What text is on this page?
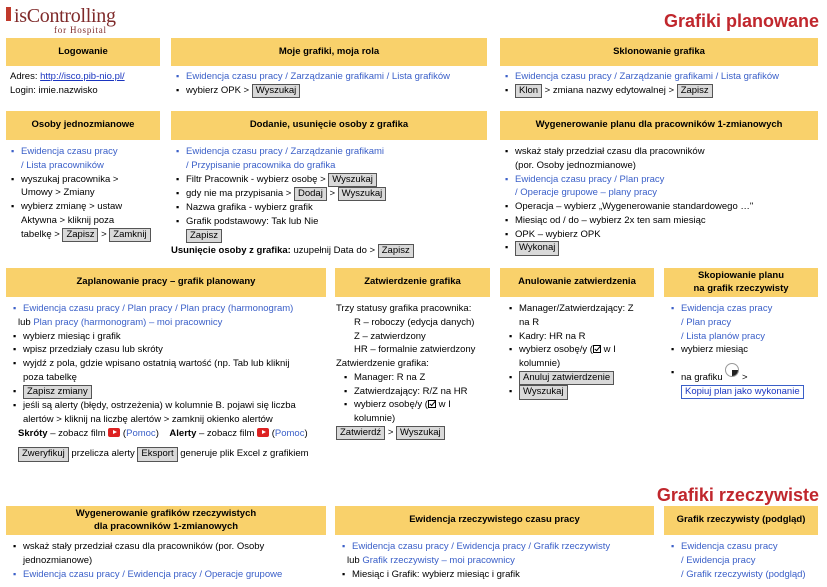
isControlling
for Hospital	Grafiki planowane
Logowanie
Adres: http://isco.pib-nio.pl/
Login: imie.nazwisko
Moje grafiki, moja rola
▪ Ewidencja czasu pracy / Zarządzanie grafikami / Lista grafików
▪ wybierz OPK > Wyszukaj
Sklonowanie grafika
▪ Ewidencja czasu pracy / Zarządzanie grafikami / Lista grafików
▪ Klon > zmiana nazwy edytowalnej > Zapisz
Osoby jednozmianowe
▪ Ewidencja czasu pracy
/ Lista pracowników
▪ wyszukaj pracownika >
Umowy > Zmiany
▪ wybierz zmianę > ustaw
Aktywna > kliknij poza
tabelkę > Zapisz > Zamknij
Dodanie, usunięcie osoby z grafika
▪ Ewidencja czasu pracy / Zarządzanie grafikami
/ Przypisanie pracownika do grafika
▪ Filtr Pracownik - wybierz osobę > Wyszukaj
▪ gdy nie ma przypisania > Dodaj > Wyszukaj
▪ Nazwa grafika - wybierz grafik
▪ Grafik podstawowy: Tak lub Nie
Zapisz
Usunięcie osoby z grafika: uzupełnij Data do > Zapisz
Wygenerowanie planu dla pracowników 1-zmianowych
▪ wskaż stały przedział czasu dla pracowników
(por. Osoby jednozmianowe)
▪ Ewidencja czasu pracy / Plan pracy
/ Operacje grupowe – plany pracy
▪ Operacja – wybierz „Wygenerowanie standardowego …"
▪ Miesiąc od / do – wybierz 2x ten sam miesiąc
▪ OPK – wybierz OPK
▪ Wykonaj
Zaplanowanie pracy – grafik planowany
▪ Ewidencja czasu pracy / Plan pracy / Plan pracy (harmonogram)
lub Plan pracy (harmonogram) – moi pracownicy
▪ wybierz miesiąc i grafik
▪ wpisz przedziały czasu lub skróty
▪ wyjdź z pola, gdzie wpisano ostatnią wartość (np. Tab lub kliknij
poza tabelkę
▪ Zapisz zmiany
▪ jeśli są alerty (błędy, ostrzeżenia) w kolumnie B. pojawi się liczba
alertów > kliknij na liczbę alertów > zamknij okienko alertów
Skróty – zobacz film  (Pomoc)    Alerty – zobacz film  (Pomoc)
Zweryfikuj przelicza alerty Eksport generuje plik Excel z grafikiem
Zatwierdzenie grafika
Trzy statusy grafika pracownika:
R – roboczy (edycja danych)
Z – zatwierdzony
HR – formalnie zatwierdzony
Zatwierdzenie grafika:
▪ Manager: R na Z
▪ Zatwierdzający: R/Z na HR
▪ wybierz osobę/y ( w I
kolumnie)
Zatwierdź > Wyszukaj
Anulowanie zatwierdzenia
▪ Manager/Zatwierdzający: Z
na R
▪ Kadry: HR na R
▪ wybierz osobę/y ( w I
kolumnie)
▪ Anuluj zatwierdzenie
▪ Wyszukaj
Skopiowanie planu
na grafik rzeczywisty
▪ Ewidencja czas pracy
/ Plan pracy
/ Lista planów pracy
▪ wybierz miesiąc
▪ na grafiku >
Kopiuj plan jako wykonanie
Grafiki rzeczywiste
Wygenerowanie grafików rzeczywistych
dla pracowników 1-zmianowych
▪ wskaż stały przedział czasu dla pracowników (por. Osoby
jednozmianowe)
▪ Ewidencja czasu pracy / Ewidencja pracy / Operacje grupowe
Ewidencja rzeczywistego czasu pracy
▪ Ewidencja czasu pracy / Ewidencja pracy / Grafik rzeczywisty
lub Grafik rzeczywisty – moi pracownicy
▪ Miesiąc i Grafik: wybierz miesiąc i grafik
Grafik rzeczywisty (podgląd)
▪ Ewidencja czasu pracy
/ Ewidencja pracy
/ Grafik rzeczywisty (podgląd)
